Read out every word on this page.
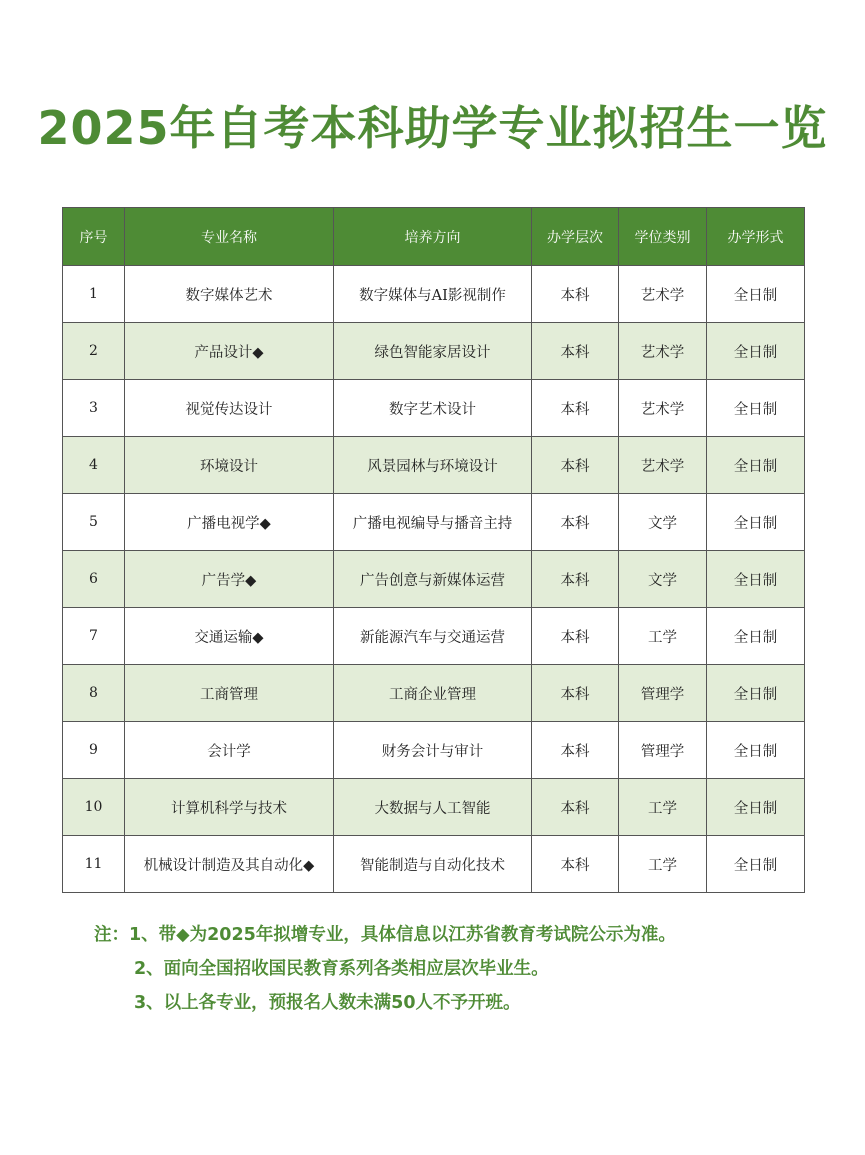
2025年自考本科助学专业拟招生一览
序号	专业名称	培养方向	办学层次	学位类别	办学形式
1	数字媒体艺术	数字媒体与AI影视制作	本科	艺术学	全日制
2	产品设计◆	绿色智能家居设计	本科	艺术学	全日制
3	视觉传达设计	数字艺术设计	本科	艺术学	全日制
4	环境设计	风景园林与环境设计	本科	艺术学	全日制
5	广播电视学◆	广播电视编导与播音主持	本科	文学	全日制
6	广告学◆	广告创意与新媒体运营	本科	文学	全日制
7	交通运输◆	新能源汽车与交通运营	本科	工学	全日制
8	工商管理	工商企业管理	本科	管理学	全日制
9	会计学	财务会计与审计	本科	管理学	全日制
10	计算机科学与技术	大数据与人工智能	本科	工学	全日制
11	机械设计制造及其自动化◆	智能制造与自动化技术	本科	工学	全日制
注：1、带◆为2025年拟增专业，具体信息以江苏省教育考试院公示为准。
2、面向全国招收国民教育系列各类相应层次毕业生。
3、以上各专业，预报名人数未满50人不予开班。
